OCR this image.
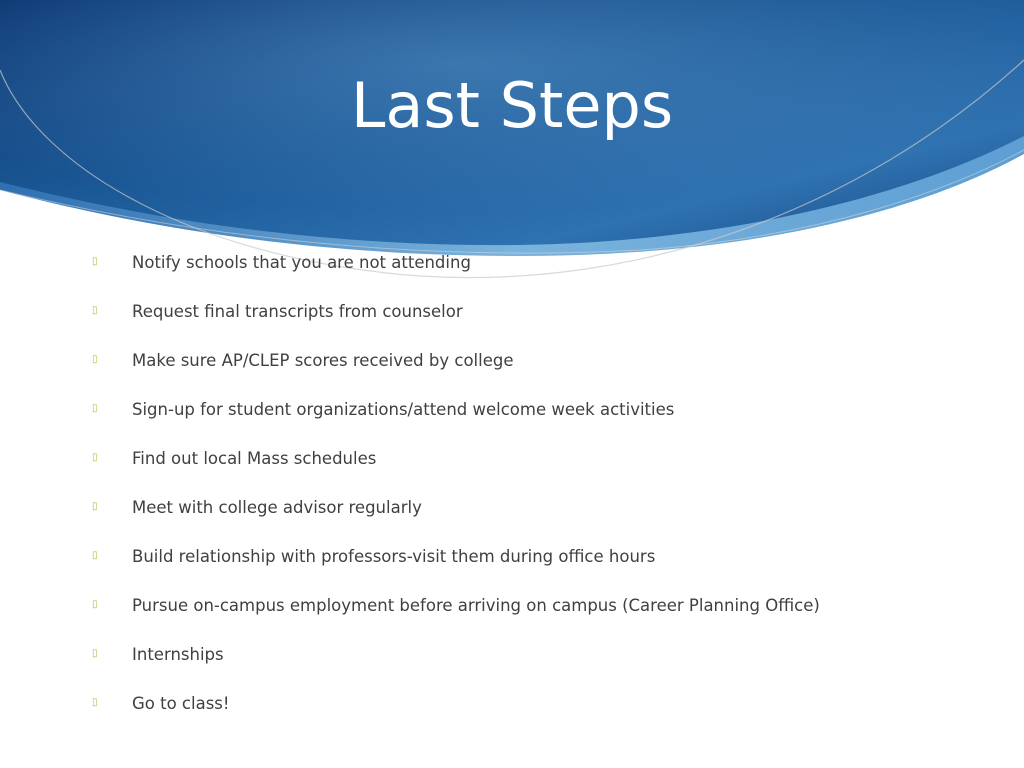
Last Steps
▯	Notify schools that you are not attending
▯	Request final transcripts from counselor
▯	Make sure AP/CLEP scores received by college
▯	Sign-up for student organizations/attend welcome week activities
▯	Find out local Mass schedules
▯	Meet with college advisor regularly
▯	Build relationship with professors-visit them during office hours
▯	Pursue on-campus employment before arriving on campus (Career Planning Office)
▯	Internships
▯	Go to class!
